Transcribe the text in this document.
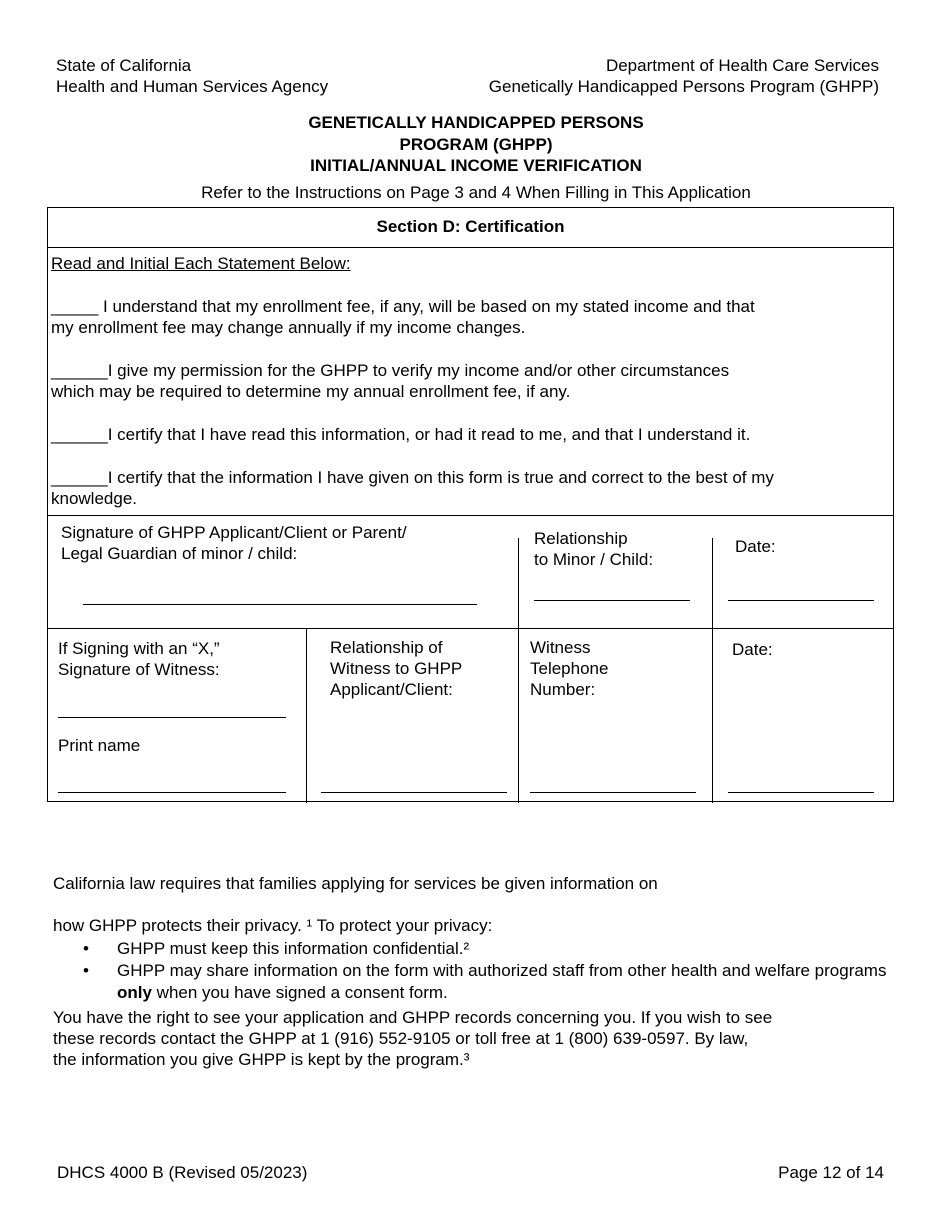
State of California
Health and Human Services Agency
Department of Health Care Services
Genetically Handicapped Persons Program (GHPP)
GENETICALLY HANDICAPPED PERSONS
PROGRAM (GHPP)
INITIAL/ANNUAL INCOME VERIFICATION
Refer to the Instructions on Page 3 and 4 When Filling in This Application
Section D: Certification
Read and Initial Each Statement Below:
_____ I understand that my enrollment fee, if any, will be based on my stated income and that
my enrollment fee may change annually if my income changes.
______I give my permission for the GHPP to verify my income and/or other circumstances
which may be required to determine my annual enrollment fee, if any.
______I certify that I have read this information, or had it read to me, and that I understand it.
______I certify that the information I have given on this form is true and correct to the best of my
knowledge.
Signature of GHPP Applicant/Client or Parent/
Legal Guardian of minor / child:
Relationship
to Minor / Child:
Date:
If Signing with an “X,”
Signature of Witness:
Print name
Relationship of
Witness to GHPP
Applicant/Client:
Witness
Telephone
Number:
Date:
California law requires that families applying for services be given information on
how GHPP protects their privacy. ¹ To protect your privacy:
• GHPP must keep this information confidential.²
• GHPP may share information on the form with authorized staff from other health and welfare programs only when you have signed a consent form.
You have the right to see your application and GHPP records concerning you. If you wish to see
these records contact the GHPP at 1 (916) 552-9105 or toll free at 1 (800) 639-0597. By law,
the information you give GHPP is kept by the program.³
DHCS 4000 B (Revised 05/2023)	Page 12 of 14
